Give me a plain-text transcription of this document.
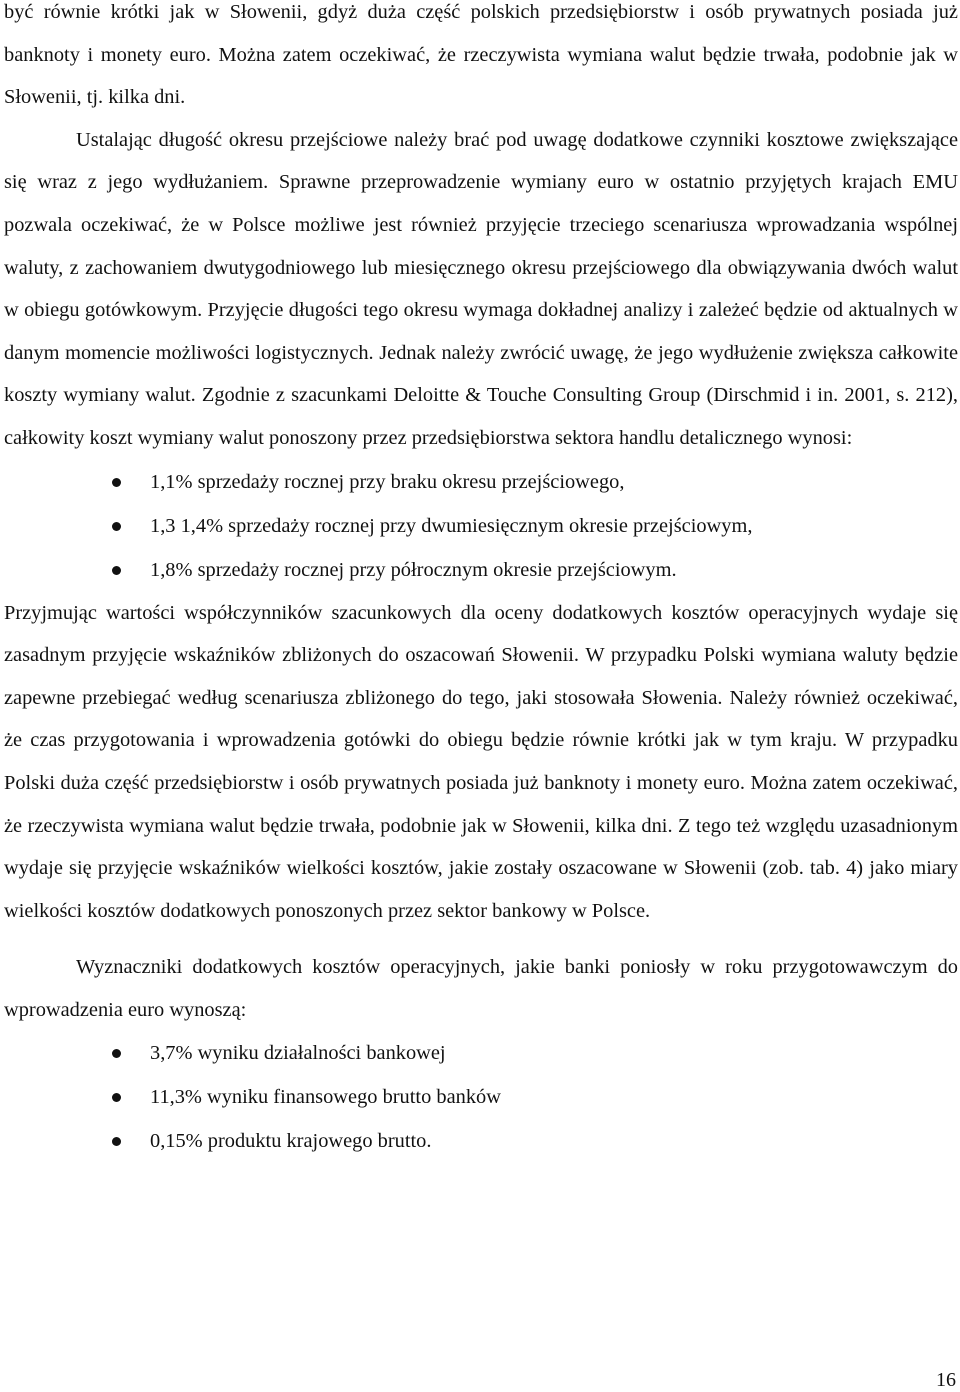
być równie krótki jak w Słowenii, gdyż duża część polskich przedsiębiorstw i osób prywatnych posiada już banknoty i monety euro. Można zatem oczekiwać, że rzeczywista wymiana walut będzie trwała, podobnie jak w Słowenii, tj. kilka dni.

Ustalając długość okresu przejściowe należy brać pod uwagę dodatkowe czynniki kosztowe zwiększające się wraz z jego wydłużaniem. Sprawne przeprowadzenie wymiany euro w ostatnio przyjętych krajach EMU pozwala oczekiwać, że w Polsce możliwe jest również przyjęcie trzeciego scenariusza wprowadzania wspólnej waluty, z zachowaniem dwutygodniowego lub miesięcznego okresu przejściowego dla obwiązywania dwóch walut w obiegu gotówkowym. Przyjęcie długości tego okresu wymaga dokładnej analizy i zależeć będzie od aktualnych w danym momencie możliwości logistycznych. Jednak należy zwrócić uwagę, że jego wydłużenie zwiększa całkowite koszty wymiany walut. Zgodnie z szacunkami Deloitte & Touche Consulting Group (Dirschmid i in. 2001, s. 212), całkowity koszt wymiany walut ponoszony przez przedsiębiorstwa sektora handlu detalicznego wynosi:

1,1% sprzedaży rocznej przy braku okresu przejściowego,
1,3 1,4% sprzedaży rocznej przy dwumiesięcznym okresie przejściowym,
1,8% sprzedaży rocznej przy półrocznym okresie przejściowym.

Przyjmując wartości współczynników szacunkowych dla oceny dodatkowych kosztów operacyjnych wydaje się zasadnym przyjęcie wskaźników zbliżonych do oszacowań Słowenii. W przypadku Polski wymiana waluty będzie zapewne przebiegać według scenariusza zbliżonego do tego, jaki stosowała Słowenia. Należy również oczekiwać, że czas przygotowania i wprowadzenia gotówki do obiegu będzie równie krótki jak w tym kraju. W przypadku Polski duża część przedsiębiorstw i osób prywatnych posiada już banknoty i monety euro. Można zatem oczekiwać, że rzeczywista wymiana walut będzie trwała, podobnie jak w Słowenii, kilka dni. Z tego też względu uzasadnionym wydaje się przyjęcie wskaźników wielkości kosztów, jakie zostały oszacowane w Słowenii (zob. tab. 4) jako miary wielkości kosztów dodatkowych ponoszonych przez sektor bankowy w Polsce.

Wyznaczniki dodatkowych kosztów operacyjnych, jakie banki poniosły w roku przygotowawczym do wprowadzenia euro wynoszą:

3,7% wyniku działalności bankowej
11,3% wyniku finansowego brutto banków
0,15% produktu krajowego brutto.
16
